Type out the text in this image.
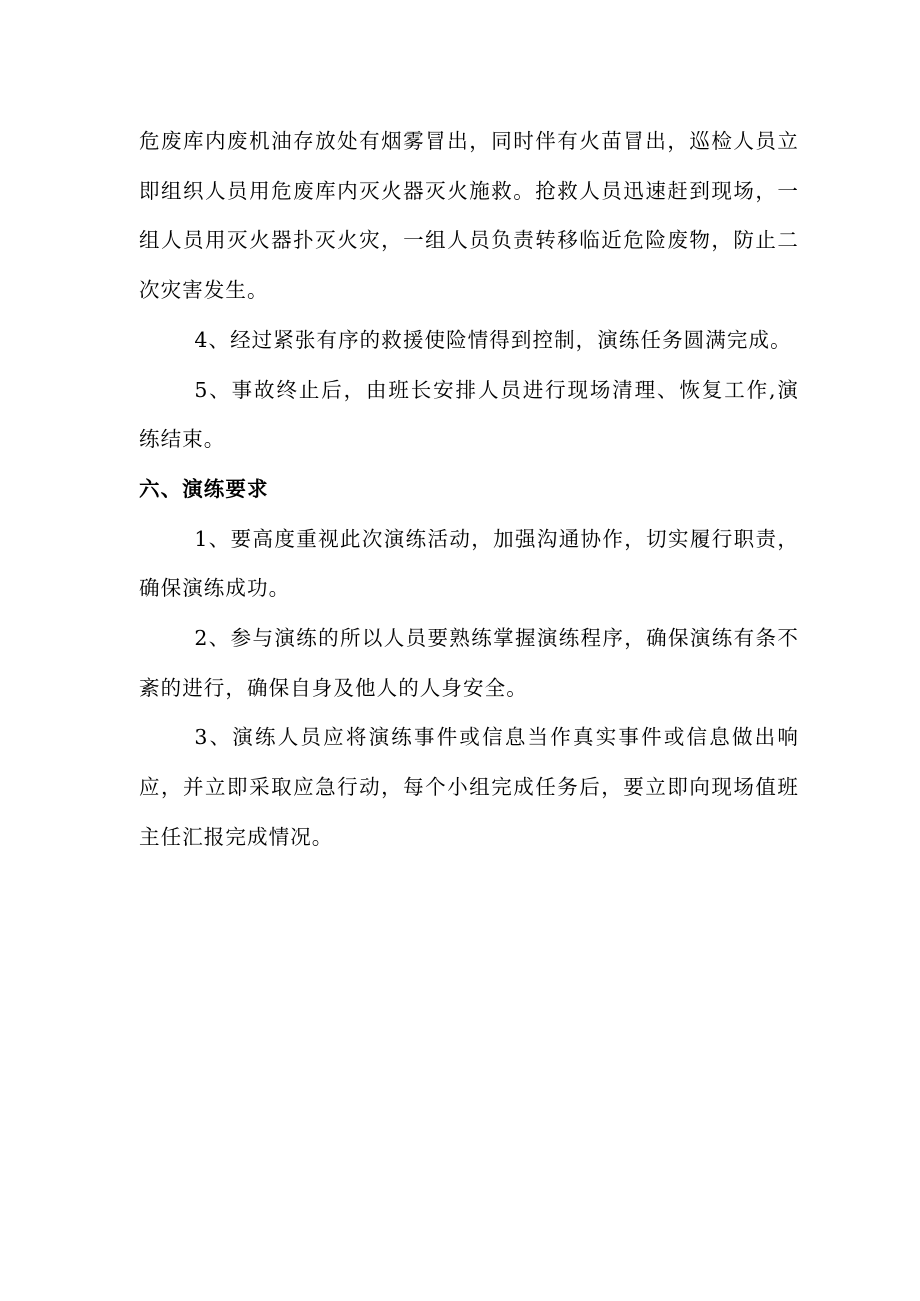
危废库内废机油存放处有烟雾冒出，同时伴有火苗冒出，巡检人员立即组织人员用危废库内灭火器灭火施救。抢救人员迅速赶到现场，一组人员用灭火器扑灭火灾，一组人员负责转移临近危险废物，防止二次灾害发生。

4、经过紧张有序的救援使险情得到控制，演练任务圆满完成。

5、事故终止后，由班长安排人员进行现场清理、恢复工作,演练结束。

六、演练要求

1、要高度重视此次演练活动，加强沟通协作，切实履行职责，确保演练成功。

2、参与演练的所以人员要熟练掌握演练程序，确保演练有条不紊的进行，确保自身及他人的人身安全。

3、演练人员应将演练事件或信息当作真实事件或信息做出响应，并立即采取应急行动，每个小组完成任务后，要立即向现场值班主任汇报完成情况。
